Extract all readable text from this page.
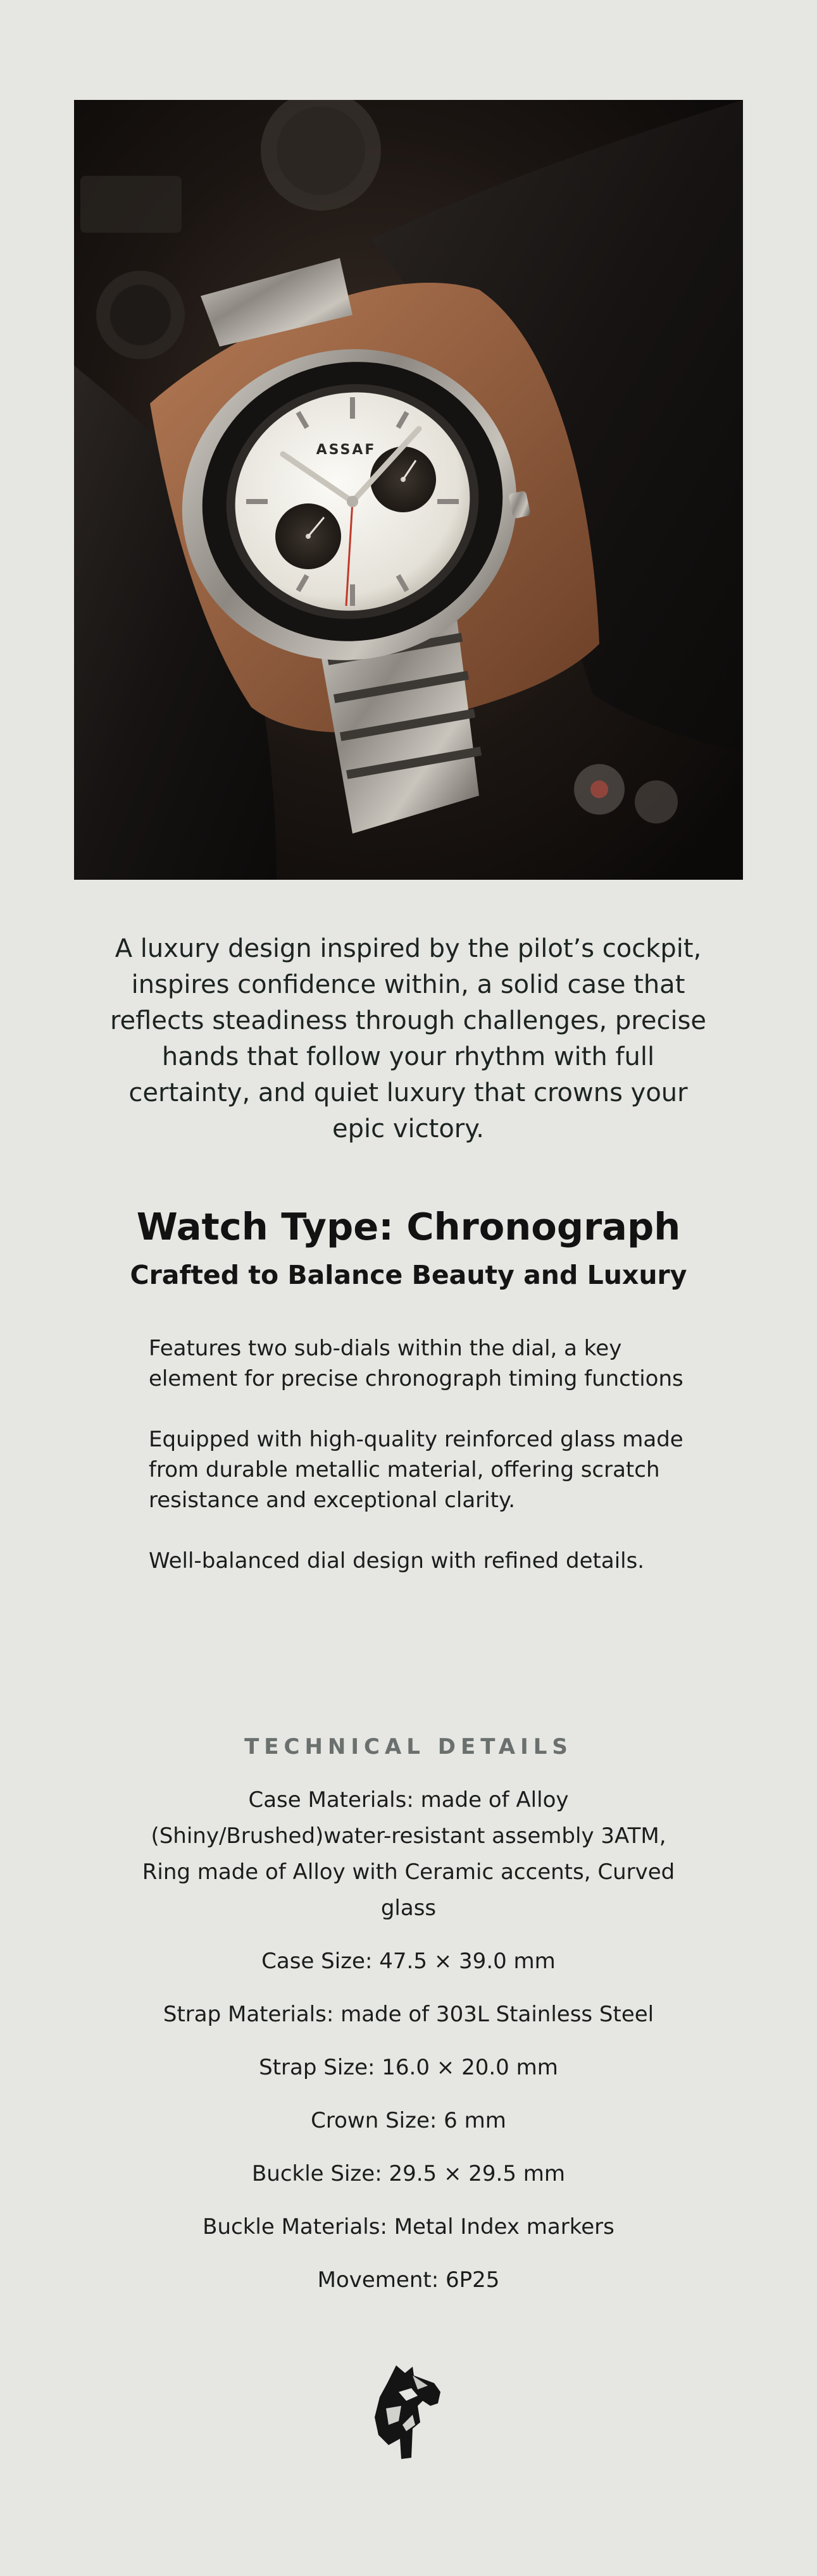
ASSAF

A luxury design inspired by the pilot’s cockpit, inspires confidence within, a solid case that reflects steadiness through challenges, precise hands that follow your rhythm with full certainty, and quiet luxury that crowns your epic victory.

Watch Type: Chronograph
Crafted to Balance Beauty and Luxury
Features two sub-dials within the dial, a key element for precise chronograph timing functions
Equipped with high-quality reinforced glass made from durable metallic material, offering scratch resistance and exceptional clarity.
Well-balanced dial design with refined details.
TECHNICAL DETAILS
Case Materials: made of Alloy (Shiny/Brushed)water-resistant assembly 3ATM, Ring made of Alloy with Ceramic accents, Curved glass
Case Size: 47.5 × 39.0 mm
Strap Materials: made of 303L Stainless Steel
Strap Size: 16.0 × 20.0 mm
Crown Size: 6 mm
Buckle Size: 29.5 × 29.5 mm
Buckle Materials: Metal Index markers
Movement: 6P25
